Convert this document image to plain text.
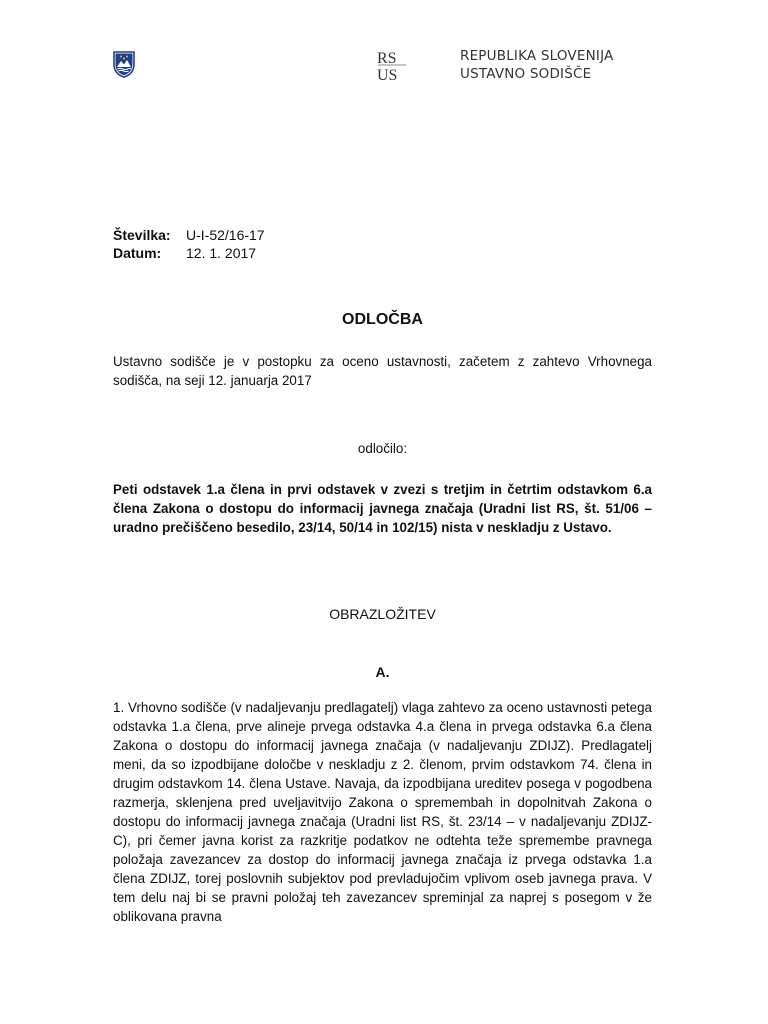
RS
US
REPUBLIKA SLOVENIJA
USTAVNO SODIŠČE
Številka:	U-I-52/16-17
Datum:	12. 1. 2017
ODLOČBA
Ustavno sodišče je v postopku za oceno ustavnosti, začetem z zahtevo Vrhovnega sodišča, na seji 12. januarja 2017
odločilo:
Peti odstavek 1.a člena in prvi odstavek v zvezi s tretjim in četrtim odstavkom 6.a člena Zakona o dostopu do informacij javnega značaja (Uradni list RS, št. 51/06 – uradno prečiščeno besedilo, 23/14, 50/14 in 102/15) nista v neskladju z Ustavo.
OBRAZLOŽITEV
A.
1. Vrhovno sodišče (v nadaljevanju predlagatelj) vlaga zahtevo za oceno ustavnosti petega odstavka 1.a člena, prve alineje prvega odstavka 4.a člena in prvega odstavka 6.a člena Zakona o dostopu do informacij javnega značaja (v nadaljevanju ZDIJZ). Predlagatelj meni, da so izpodbijane določbe v neskladju z 2. členom, prvim odstavkom 74. člena in drugim odstavkom 14. člena Ustave. Navaja, da izpodbijana ureditev posega v pogodbena razmerja, sklenjena pred uveljavitvijo Zakona o spremembah in dopolnitvah Zakona o dostopu do informacij javnega značaja (Uradni list RS, št. 23/14 – v nadaljevanju ZDIJZ-C), pri čemer javna korist za razkritje podatkov ne odtehta teže spremembe pravnega položaja zavezancev za dostop do informacij javnega značaja iz prvega odstavka 1.a člena ZDIJZ, torej poslovnih subjektov pod prevladujočim vplivom oseb javnega prava. V tem delu naj bi se pravni položaj teh zavezancev spreminjal za naprej s posegom v že oblikovana pravna
